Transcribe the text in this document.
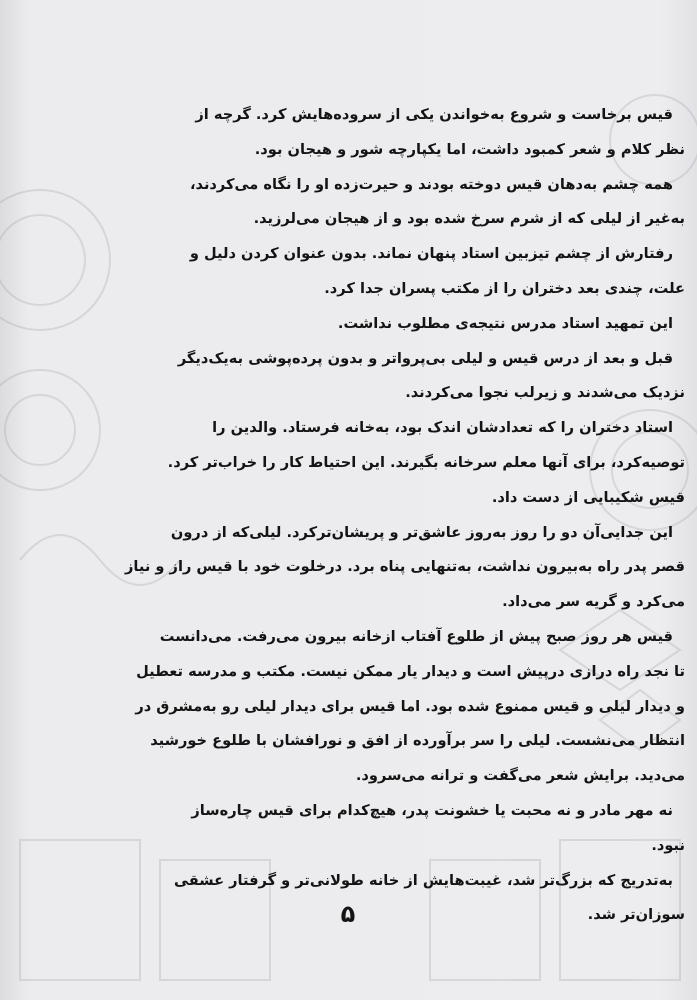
قیس برخاست و شروع به‌خواندن یکی از سروده‌هایش کرد. گرچه از
نظر کلام و شعر کمبود داشت، اما یکپارچه شور و هیجان بود.

همه چشم به‌دهان قیس دوخته بودند و حیرت‌زده او را نگاه می‌کردند،
به‌غیر از لیلی که از شرم سرخ شده بود و از هیجان می‌لرزید.

رفتارش از چشم تیزبین استاد پنهان نماند. بدون عنوان کردن دلیل و
علت، چندی بعد دختران را از مکتب پسران جدا کرد.

این تمهید استاد مدرس نتیجه‌ی مطلوب نداشت.

قبل و بعد از درس قیس و لیلی بی‌پرواتر و بدون پرده‌پوشی به‌یک‌دیگر
نزدیک می‌شدند و زیرلب نجوا می‌کردند.

استاد دختران را که تعدادشان اندک بود، به‌خانه فرستاد. والدین را
توصیه‌کرد، برای آنها معلم سرخانه بگیرند. این احتیاط کار را خراب‌تر کرد.
قیس شکیبایی از دست داد.

این جدایی‌آن دو را روز به‌روز عاشق‌تر و پریشان‌ترکرد. لیلی‌که از درون
قصر پدر راه به‌بیرون نداشت، به‌تنهایی پناه برد. درخلوت خود با قیس راز و نیاز
می‌کرد و گریه سر می‌داد.

قیس هر روز صبح پیش از طلوع آفتاب ازخانه بیرون می‌رفت. می‌دانست
تا نجد راه درازی درپیش است و دیدار یار ممکن نیست. مکتب و مدرسه تعطیل
و دیدار لیلی و قیس ممنوع شده بود. اما قیس برای دیدار لیلی رو به‌مشرق در
انتظار می‌نشست. لیلی را سر برآورده از افق و نورافشان با طلوع خورشید
می‌دید. برایش شعر می‌گفت و ترانه می‌سرود.

نه مهر مادر و نه محبت یا خشونت پدر، هیچ‌کدام برای قیس چاره‌ساز
نبود.

به‌تدریج که بزرگ‌تر شد، غیبت‌هایش از خانه طولانی‌تر و گرفتار عشقی
سوزان‌تر شد.

۵
